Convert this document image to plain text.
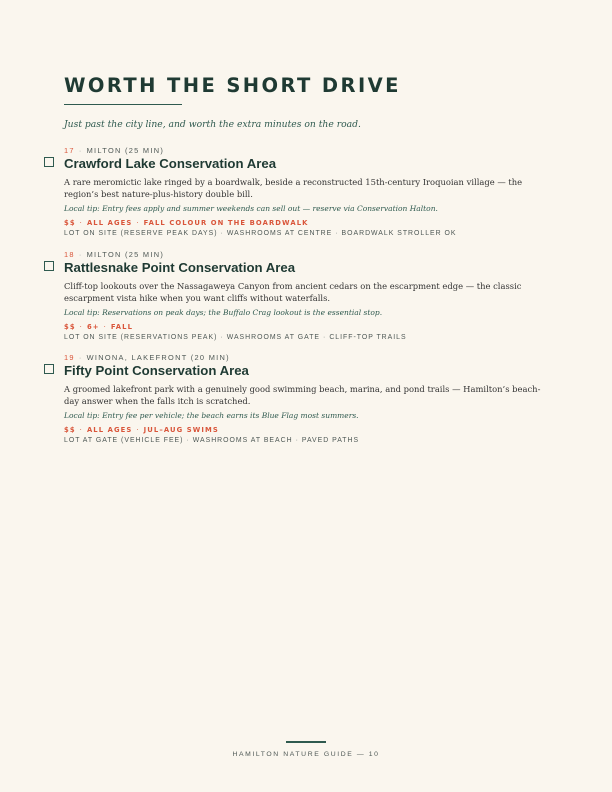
WORTH THE SHORT DRIVE
Just past the city line, and worth the extra minutes on the road.
17 · MILTON (25 MIN)
Crawford Lake Conservation Area

A rare meromictic lake ringed by a boardwalk, beside a reconstructed 15th-century Iroquoian village — the region’s best nature-plus-history double bill.

Local tip: Entry fees apply and summer weekends can sell out — reserve via Conservation Halton.
$$ · ALL AGES · FALL COLOUR ON THE BOARDWALK
LOT ON SITE (RESERVE PEAK DAYS) · WASHROOMS AT CENTRE · BOARDWALK STROLLER OK
18 · MILTON (25 MIN)
Rattlesnake Point Conservation Area

Cliff-top lookouts over the Nassagaweya Canyon from ancient cedars on the escarpment edge — the classic escarpment vista hike when you want cliffs without waterfalls.

Local tip: Reservations on peak days; the Buffalo Crag lookout is the essential stop.
$$ · 6+ · FALL
LOT ON SITE (RESERVATIONS PEAK) · WASHROOMS AT GATE · CLIFF-TOP TRAILS
19 · WINONA, LAKEFRONT (20 MIN)
Fifty Point Conservation Area

A groomed lakefront park with a genuinely good swimming beach, marina, and pond trails — Hamilton’s beach-day answer when the falls itch is scratched.

Local tip: Entry fee per vehicle; the beach earns its Blue Flag most summers.
$$ · ALL AGES · JUL–AUG SWIMS
LOT AT GATE (VEHICLE FEE) · WASHROOMS AT BEACH · PAVED PATHS
HAMILTON NATURE GUIDE — 10
